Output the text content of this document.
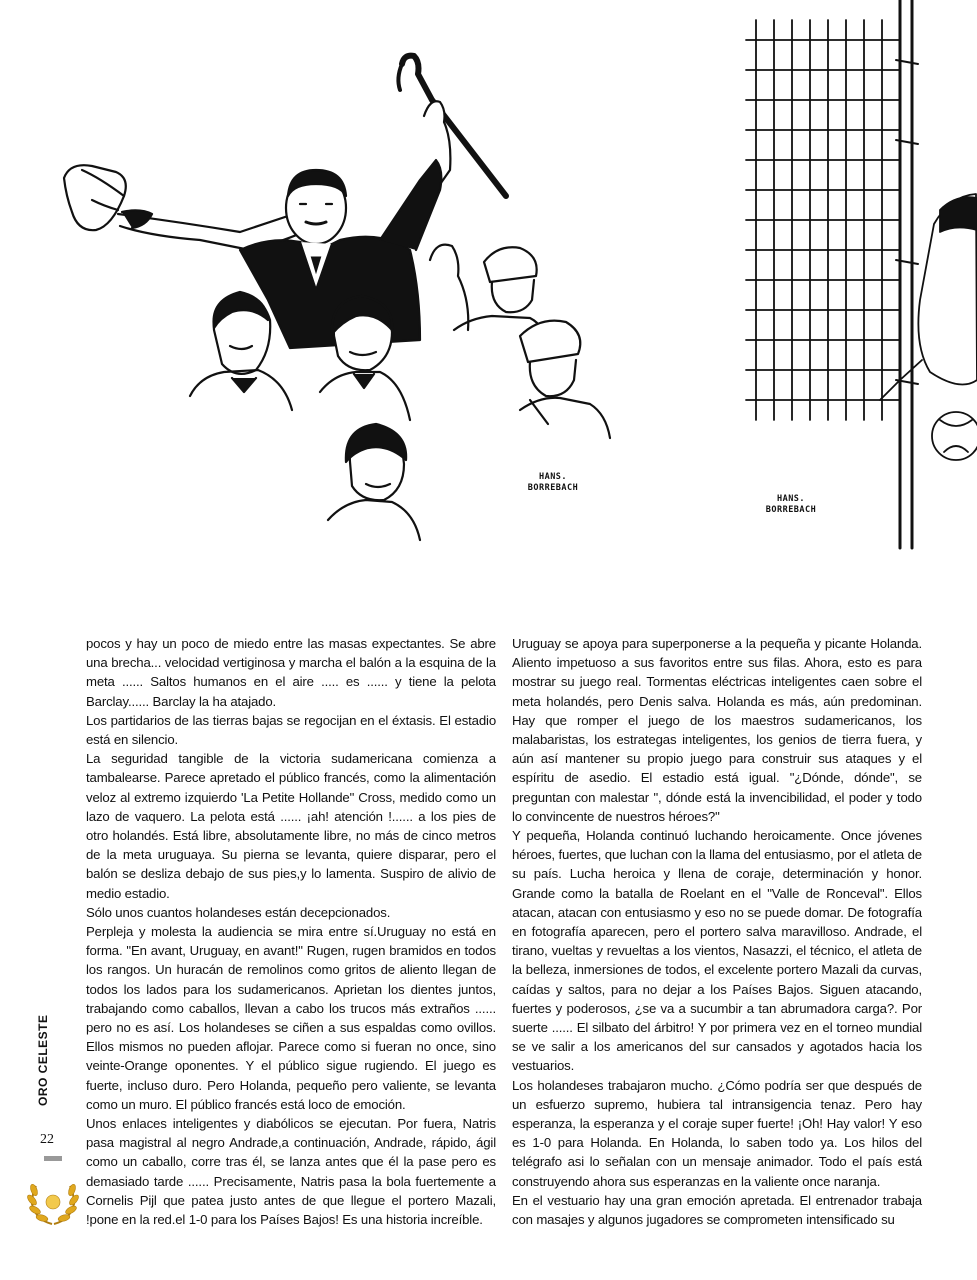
HANS. BORREBACH
HANS. BORREBACH

pocos y hay un poco de miedo entre las masas expectantes. Se abre una brecha... velocidad vertiginosa y marcha el balón a la esquina de la meta ...... Saltos humanos en el aire ..... es ...... y tiene la pelota Barclay...... Barclay la ha atajado.

Los partidarios de las tierras bajas se regocijan en el éxtasis. El estadio está en silencio.

La seguridad tangible de la victoria sudamericana comienza a tambalearse. Parece apretado el público francés, como la alimentación veloz al extremo izquierdo 'La Petite Hollande" Cross, medido como un lazo de vaquero. La pelota está ...... ¡ah! atención !...... a los pies de otro holandés. Está libre, absolutamente libre, no más de cinco metros de la meta uruguaya. Su pierna se levanta, quiere disparar, pero el balón se desliza debajo de sus pies,y lo lamenta. Suspiro de alivio de medio estadio.

Sólo unos cuantos holandeses están decepcionados.

Perpleja y molesta la audiencia se mira entre sí.Uruguay no está en forma. "En avant, Uruguay, en avant!" Rugen, rugen bramidos en todos los rangos. Un huracán de remolinos como gritos de aliento llegan de todos los lados para los sudamericanos. Aprietan los dientes juntos, trabajando como caballos, llevan a cabo los trucos más extraños ...... pero no es así. Los holandeses se ciñen a sus espaldas como ovillos. Ellos mismos no pueden aflojar. Parece como si fueran no once, sino veinte-Orange oponentes. Y el público sigue rugiendo. El juego es fuerte, incluso duro. Pero Holanda, pequeño pero valiente, se levanta como un muro. El público francés está loco de emoción.

Unos enlaces inteligentes y diabólicos se ejecutan. Por fuera, Natris pasa magistral al negro Andrade,a continuación, Andrade, rápido, ágil como un caballo, corre tras él, se lanza antes que él la pase pero es demasiado tarde ...... Precisamente, Natris pasa la bola fuertemente a Cornelis Pijl que patea justo antes de que llegue el portero Mazali, !pone en la red.el 1-0 para los Países Bajos! Es una historia increíble.

Uruguay se apoya para superponerse a la pequeña y picante Holanda. Aliento impetuoso a sus favoritos entre sus filas. Ahora, esto es para mostrar su juego real. Tormentas eléctricas inteligentes caen sobre el meta holandés, pero Denis salva. Holanda es más, aún predominan. Hay que romper el juego de los maestros sudamericanos, los malabaristas, los estrategas inteligentes, los genios de tierra fuera, y aún así mantener su propio juego para construir sus ataques y el espíritu de asedio. El estadio está igual. "¿Dónde, dónde", se preguntan con malestar ", dónde está la invencibilidad, el poder y todo lo convincente de nuestros héroes?"

Y pequeña, Holanda continuó luchando heroicamente. Once jóvenes héroes, fuertes, que luchan con la llama del entusiasmo, por el atleta de su país. Lucha heroica y llena de coraje, determinación y honor. Grande como la batalla de Roelant en el "Valle de Ronceval". Ellos atacan, atacan con entusiasmo y eso no se puede domar. De fotografía en fotografía aparecen, pero el portero salva maravilloso. Andrade, el tirano, vueltas y revueltas a los vientos, Nasazzi, el técnico, el atleta de la belleza, inmersiones de todos, el excelente portero Mazali da curvas, caídas y saltos, para no dejar a los Países Bajos. Siguen atacando, fuertes y poderosos, ¿se va a sucumbir a tan abrumadora carga?. Por suerte ...... El silbato del árbitro! Y por primera vez en el torneo mundial se ve salir a los americanos del sur cansados y agotados hacia los vestuarios.

Los holandeses trabajaron mucho. ¿Cómo podría ser que después de un esfuerzo supremo, hubiera tal intransigencia tenaz. Pero hay esperanza, la esperanza y el coraje super fuerte! ¡Oh! Hay valor! Y eso es 1-0 para Holanda. En Holanda, lo saben todo ya. Los hilos del telégrafo asi lo señalan con un mensaje animador. Todo el país está construyendo ahora sus esperanzas en la valiente once naranja.

En el vestuario hay una gran emoción apretada. El entrenador trabaja con masajes y algunos jugadores se comprometen intensificado su

ORO CELESTE
22
